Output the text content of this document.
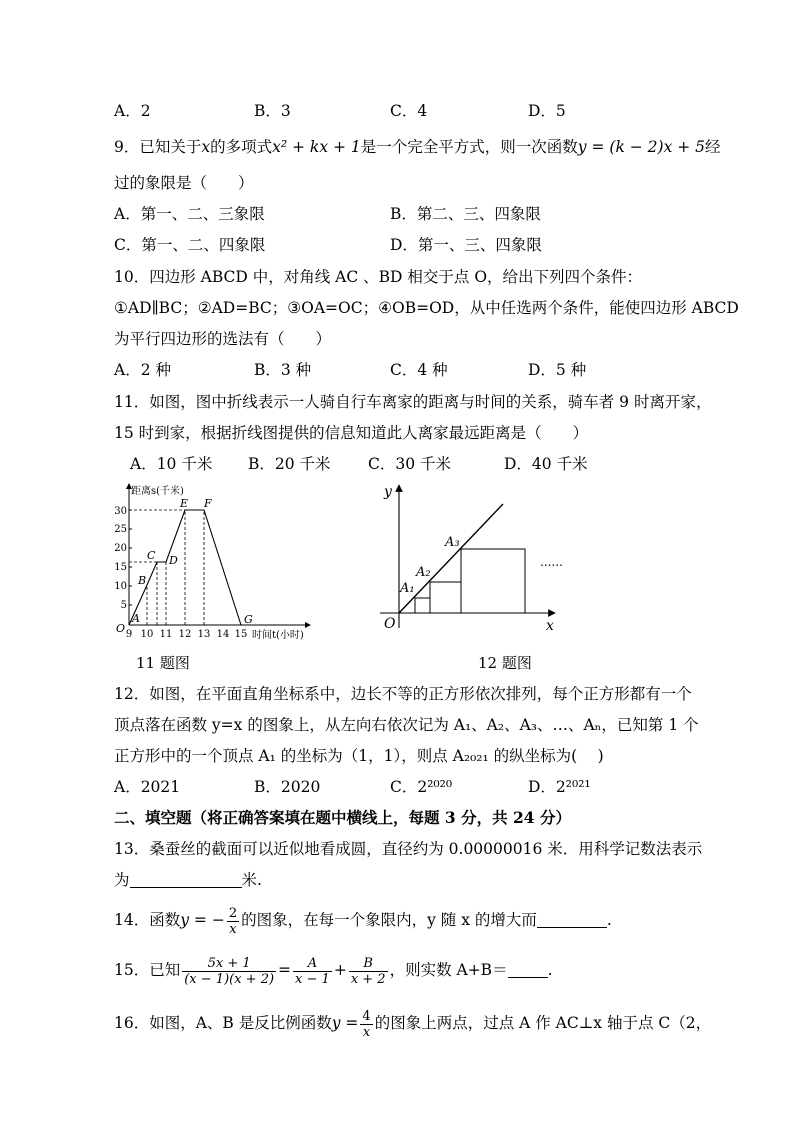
A．2	B．3	C．4	D．5
9．已知关于x的多项式x² + kx + 1是一个完全平方式，则一次函数y = (k − 2)x + 5经
过的象限是（　　）
A．第一、二、三象限	B．第二、三、四象限
C．第一、二、四象限	D．第一、三、四象限
10．四边形 ABCD 中，对角线 AC 、BD 相交于点 O，给出下列四个条件：
①AD∥BC；②AD=BC；③OA=OC；④OB=OD，从中任选两个条件，能使四边形 ABCD
为平行四边形的选法有（　　）
A．2 种	B．3 种	C．4 种	D．5 种
11．如图，图中折线表示一人骑自行车离家的距离与时间的关系，骑车者 9 时离开家，
15 时到家，根据折线图提供的信息知道此人离家最远距离是（　　）
A．10 千米 B．20 千米 C．30 千米	D．40 千米
距离s(千米)
时间t(小时)
5
10
15
20
25
30
9 10 11 12 13 14 15
O
A
B
C D
E F
G
11 题图
y
x
O
A₁
A₂
A₃
......
12 题图
12．如图，在平面直角坐标系中，边长不等的正方形依次排列，每个正方形都有一个
顶点落在函数 y=x 的图象上，从左向右依次记为 A₁、A₂、A₃、…、Aₙ，已知第 1 个
正方形中的一个顶点 A₁ 的坐标为（1，1），则点 A₂₀₂₁ 的纵坐标为(　 )
A．2021	B．2020	C．2²⁰²⁰	D．2²⁰²¹
二、填空题（将正确答案填在题中横线上，每题 3 分，共 24 分）
13．桑蚕丝的截面可以近似地看成圆，直径约为 0.00000016 米．用科学记数法表示
为	米.
14．函数y = − $\frac{2}{x}$ 的图象，在每一个象限内，y 随 x 的增大而	.
15．已知 $\frac{5x + 1}{(x - 1)(x + 2)} = \frac{A}{x - 1} + \frac{B}{x + 2}$ ，则实数 A+B＝	.
16．如图，A、B 是反比例函数$y = \frac{4}{x}$ 的图象上两点，过点 A 作 AC⊥x 轴于点 C（2，
